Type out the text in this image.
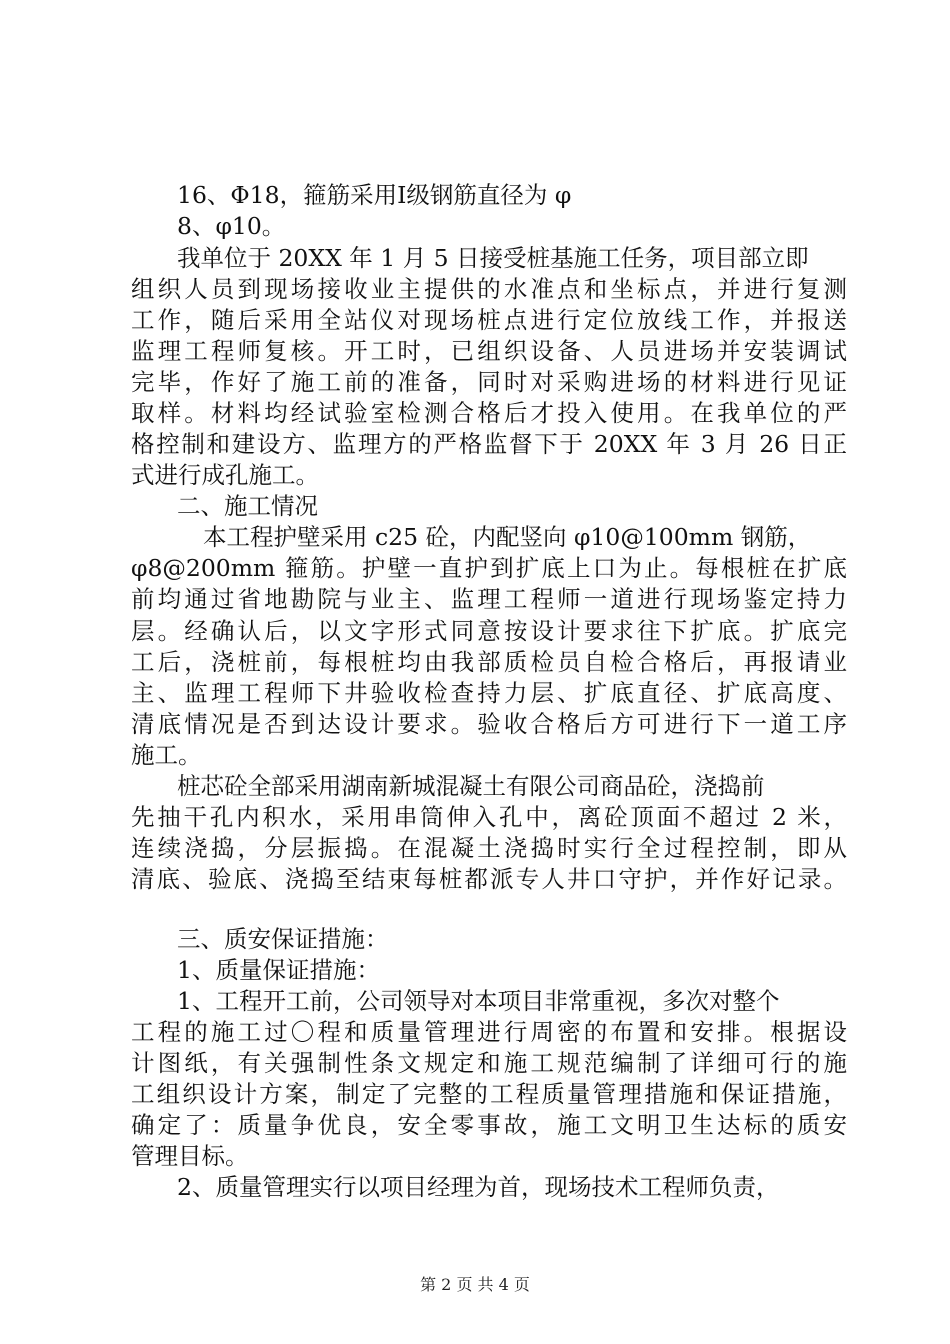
16、Φ18，箍筋采用Ⅰ级钢筋直径为 φ
8、φ10。
我单位于 20XX 年 1 月 5 日接受桩基施工任务，项目部立即
组织人员到现场接收业主提供的水准点和坐标点，并进行复测
工作，随后采用全站仪对现场桩点进行定位放线工作，并报送
监理工程师复核。开工时，已组织设备、人员进场并安装调试
完毕，作好了施工前的准备，同时对采购进场的材料进行见证
取样。材料均经试验室检测合格后才投入使用。在我单位的严
格控制和建设方、监理方的严格监督下于 20XX 年 3 月 26 日正
式进行成孔施工。
二、施工情况
本工程护壁采用 c25 砼，内配竖向 φ10@100mm 钢筋，
φ8@200mm 箍筋。护壁一直护到扩底上口为止。每根桩在扩底
前均通过省地勘院与业主、监理工程师一道进行现场鉴定持力
层。经确认后，以文字形式同意按设计要求往下扩底。扩底完
工后，浇桩前，每根桩均由我部质检员自检合格后，再报请业
主、监理工程师下井验收检查持力层、扩底直径、扩底高度、
清底情况是否到达设计要求。验收合格后方可进行下一道工序
施工。
桩芯砼全部采用湖南新城混凝土有限公司商品砼，浇捣前
先抽干孔内积水，采用串筒伸入孔中，离砼顶面不超过 2 米，
连续浇捣，分层振捣。在混凝土浇捣时实行全过程控制，即从
清底、验底、浇捣至结束每桩都派专人井口守护，并作好记录。
三、质安保证措施：
1、质量保证措施：
1、工程开工前，公司领导对本项目非常重视，多次对整个
工程的施工过〇程和质量管理进行周密的布置和安排。根据设
计图纸，有关强制性条文规定和施工规范编制了详细可行的施
工组织设计方案，制定了完整的工程质量管理措施和保证措施，
确定了：质量争优良，安全零事故，施工文明卫生达标的质安
管理目标。
2、质量管理实行以项目经理为首，现场技术工程师负责，
第 2 页 共 4 页
